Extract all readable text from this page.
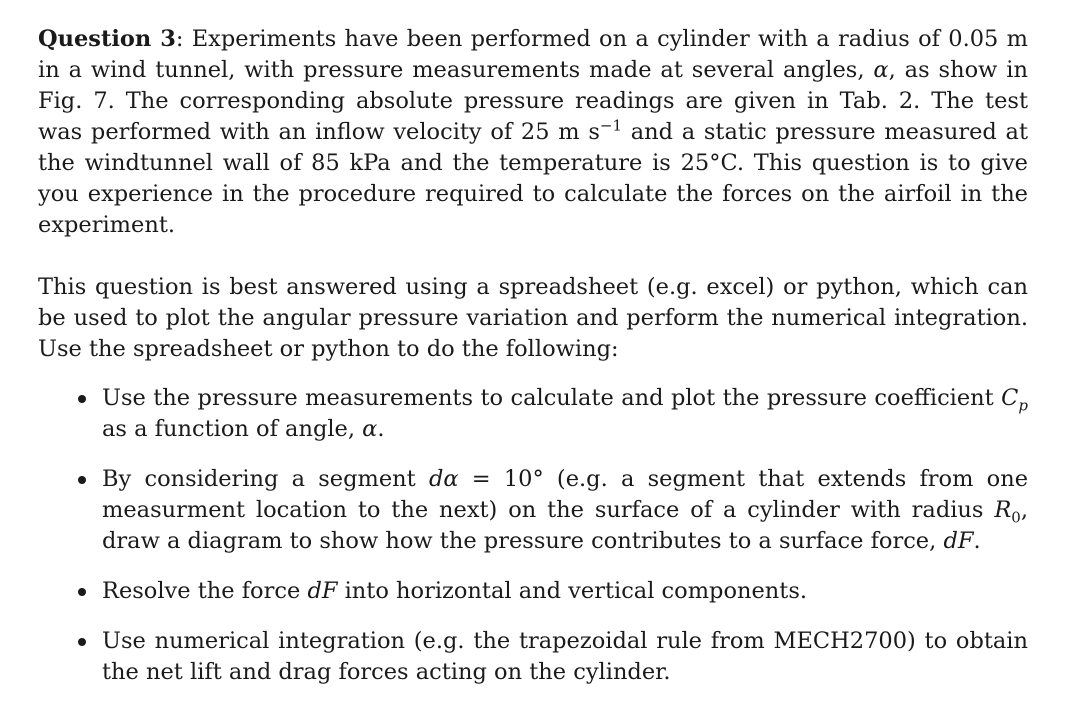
Question 3: Experiments have been performed on a cylinder with a radius of 0.05 m in a wind tunnel, with pressure measurements made at several angles, α, as show in Fig. 7. The corresponding absolute pressure readings are given in Tab. 2. The test was performed with an inflow velocity of 25 m $s^{-1}$ and a static pressure measured at the windtunnel wall of 85 kPa and the temperature is 25°C. This question is to give you experience in the procedure required to calculate the forces on the airfoil in the experiment.

This question is best answered using a spreadsheet (e.g. excel) or python, which can be used to plot the angular pressure variation and perform the numerical integration. Use the spreadsheet or python to do the following:

Use the pressure measurements to calculate and plot the pressure coefficient $C_p$ as a function of angle, α.
By considering a segment dα = 10° (e.g. a segment that extends from one measurment location to the next) on the surface of a cylinder with radius $R_0$, draw a diagram to show how the pressure contributes to a surface force, dF.
Resolve the force dF into horizontal and vertical components.
Use numerical integration (e.g. the trapezoidal rule from MECH2700) to obtain the net lift and drag forces acting on the cylinder.
